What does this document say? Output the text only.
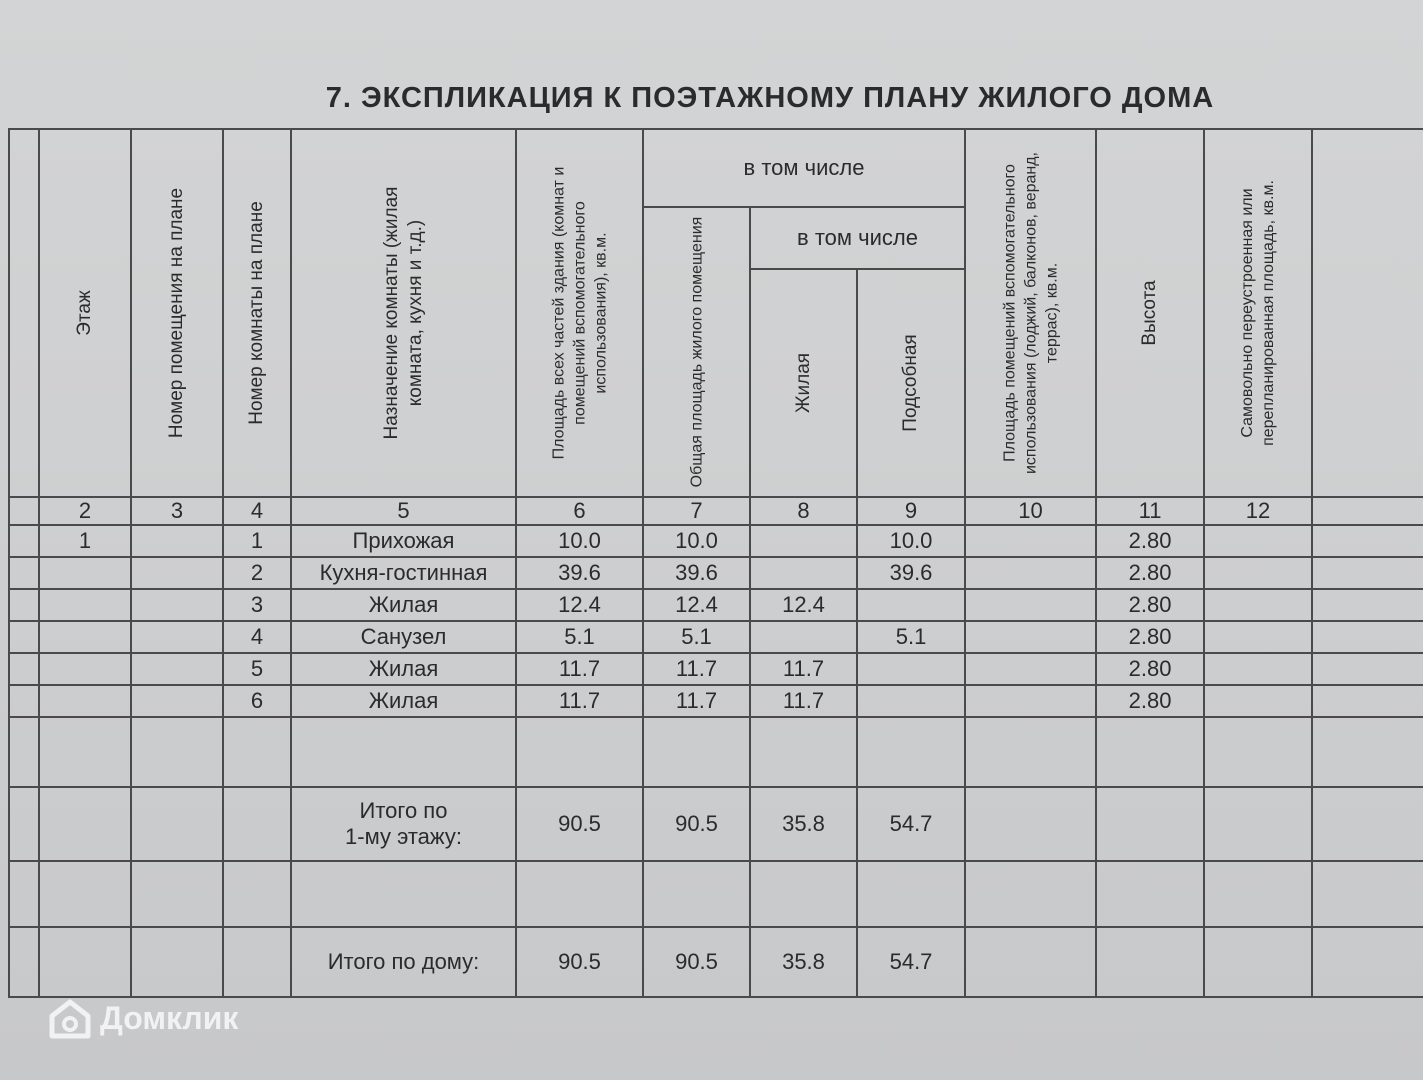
7. ЭКСПЛИКАЦИЯ К ПОЭТАЖНОМУ ПЛАНУ ЖИЛОГО ДОМА

	Этаж	Номер помещения на плане	Номер комнаты на плане	Назначение комнаты (жилая комната, кухня и т.д.)	Площадь всех частей здания (комнат и помещений вспомогательного использования), кв.м.	в том числе			Площадь помещений вспомогательного использования (лоджий, балконов, веранд, террас), кв.м.	Высота	Самовольно переустроенная или перепланированная площадь, кв.м.	

						Общая площадь жилого помещения	в том числе					

							Жилая	Подсобная				

	2	3	4	5	6	7	8	9	10	11	12	
	1		1	Прихожая	10.0	10.0		10.0		2.80		
			2	Кухня-гостинная	39.6	39.6		39.6		2.80		
			3	Жилая	12.4	12.4	12.4			2.80		
			4	Санузел	5.1	5.1		5.1		2.80		
			5	Жилая	11.7	11.7	11.7			2.80		
			6	Жилая	11.7	11.7	11.7			2.80		

				Итого по
1-му этажу:	90.5	90.5	35.8	54.7				

				Итого по дому:	90.5	90.5	35.8	54.7				
Домклик
